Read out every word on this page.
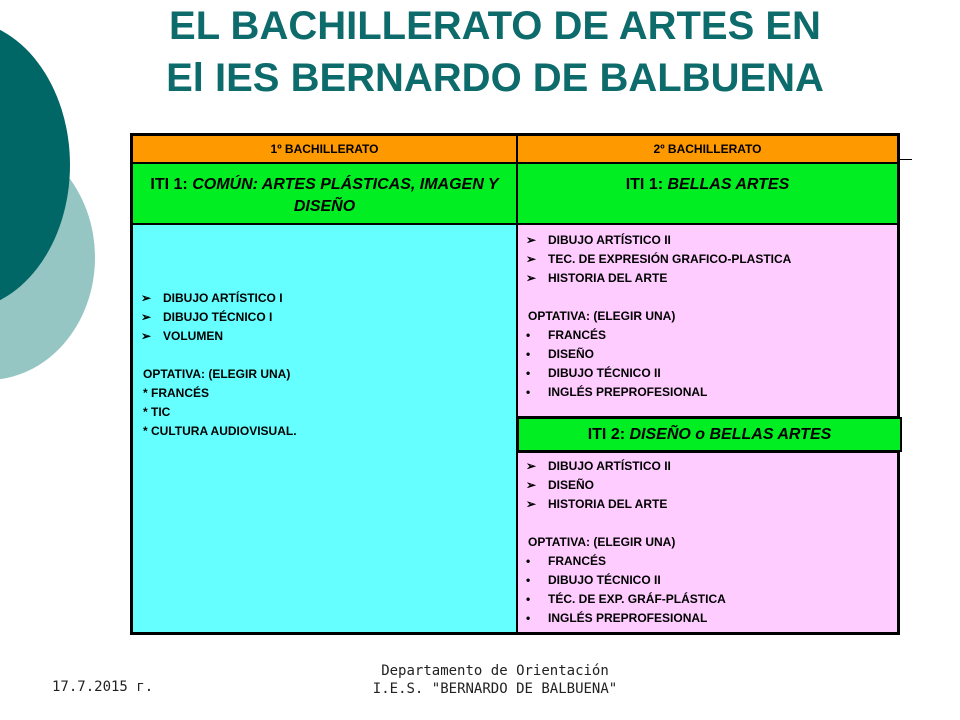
EL BACHILLERATO DE ARTES EN
El IES BERNARDO DE BALBUENA
1º BACHILLERATO	2º BACHILLERATO
ITI 1: COMÚN: ARTES PLÁSTICAS, IMAGEN Y DISEÑO
ITI 1: BELLAS ARTES
➢ DIBUJO ARTÍSTICO I
➢ DIBUJO TÉCNICO I
➢ VOLUMEN
OPTATIVA: (ELEGIR UNA)
* FRANCÉS
* TIC
* CULTURA AUDIOVISUAL.
➢ DIBUJO ARTÍSTICO II
➢ TEC. DE EXPRESIÓN GRAFICO-PLASTICA
➢ HISTORIA DEL ARTE
OPTATIVA: (ELEGIR UNA)
• FRANCÉS
• DISEÑO
• DIBUJO TÉCNICO II
• INGLÉS PREPROFESIONAL
ITI 2: DISEÑO o BELLAS ARTES
➢ DIBUJO ARTÍSTICO II
➢ DISEÑO
➢ HISTORIA DEL ARTE
OPTATIVA: (ELEGIR UNA)
• FRANCÉS
• DIBUJO TÉCNICO II
• TÉC. DE EXP. GRÁF-PLÁSTICA
• INGLÉS PREPROFESIONAL
17.7.2015 г.
Departamento de Orientación
I.E.S. "BERNARDO DE BALBUENA"
